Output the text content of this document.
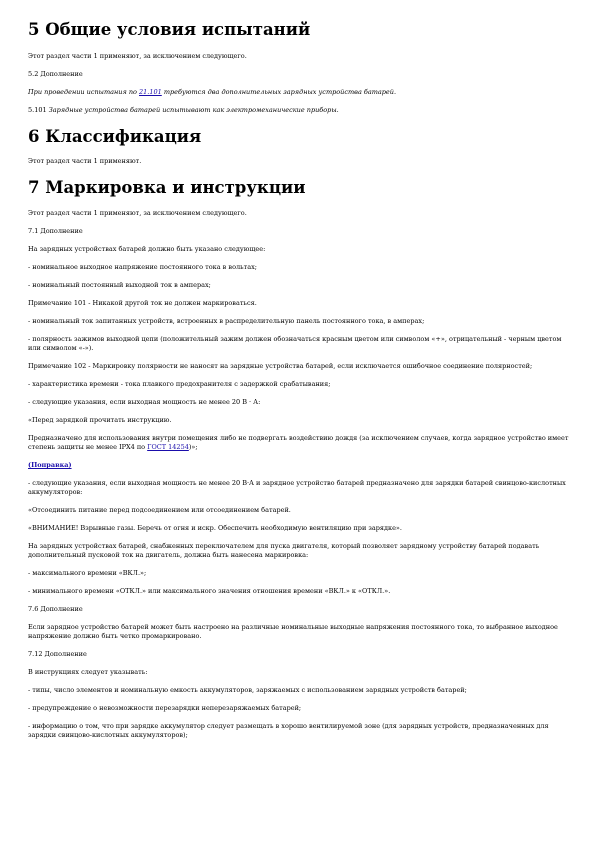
5 Общие условия испытаний

Этот раздел части 1 применяют, за исключением следующего.

5.2 Дополнение

При проведении испытания по 21.101 требуются два дополнительных зарядных устройства батарей.

5.101 Зарядные устройства батарей испытывают как электромеханические приборы.

6 Классификация

Этот раздел части 1 применяют.

7 Маркировка и инструкции

Этот раздел части 1 применяют, за исключением следующего.

7.1 Дополнение

На зарядных устройствах батарей должно быть указано следующее:

- номинальное выходное напряжение постоянного тока в вольтах;

- номинальный постоянный выходной ток в амперах;

Примечание 101 - Никакой другой ток не должен маркироваться.

- номинальный ток запитанных устройств, встроенных в распределительную панель постоянного тока, в амперах;

- полярность зажимов выходной цепи (положительный зажим должен обозначаться красным цветом или символом «+», отрицательный - черным цветом или символом «-»).

Примечание 102 - Маркировку полярности не наносят на зарядные устройства батарей, если исключается ошибочное соединение полярностей;

- характеристика времени - тока плавкого предохранителя с задержкой срабатывания;

- следующие указания, если выходная мощность не менее 20 В · А:

«Перед зарядкой прочитать инструкцию.

Предназначено для использования внутри помещения либо не подвергать воздействию дождя (за исключением случаев, когда зарядное устройство имеет степень защиты не менее IPX4 по ГОСТ 14254)»;

(Поправка)

- следующие указания, если выходная мощность не менее 20 В·А и зарядное устройство батарей предназначено для зарядки батарей свинцово-кислотных аккумуляторов:

«Отсоединить питание перед подсоединением или отсоединением батарей.

«ВНИМАНИЕ! Взрывные газы. Беречь от огня и искр. Обеспечить необходимую вентиляцию при зарядке».

На зарядных устройствах батарей, снабженных переключателем для пуска двигателя, который позволяет зарядному устройству батарей подавать дополнительный пусковой ток на двигатель, должна быть нанесена маркировка:

- максимального времени «ВКЛ.»;

- минимального времени «ОТКЛ.» или максимального значения отношения времени «ВКЛ.» к «ОТКЛ.».

7.6 Дополнение

Если зарядное устройство батарей может быть настроено на различные номинальные выходные напряжения постоянного тока, то выбранное выходное напряжение должно быть четко промаркировано.

7.12 Дополнение

В инструкциях следует указывать:

- типы, число элементов и номинальную емкость аккумуляторов, заряжаемых с использованием зарядных устройств батарей;

- предупреждение о невозможности перезарядки неперезаряжаемых батарей;

- информацию о том, что при зарядке аккумулятор следует размещать в хорошо вентилируемой зоне (для зарядных устройств, предназначенных для зарядки свинцово-кислотных аккумуляторов);
